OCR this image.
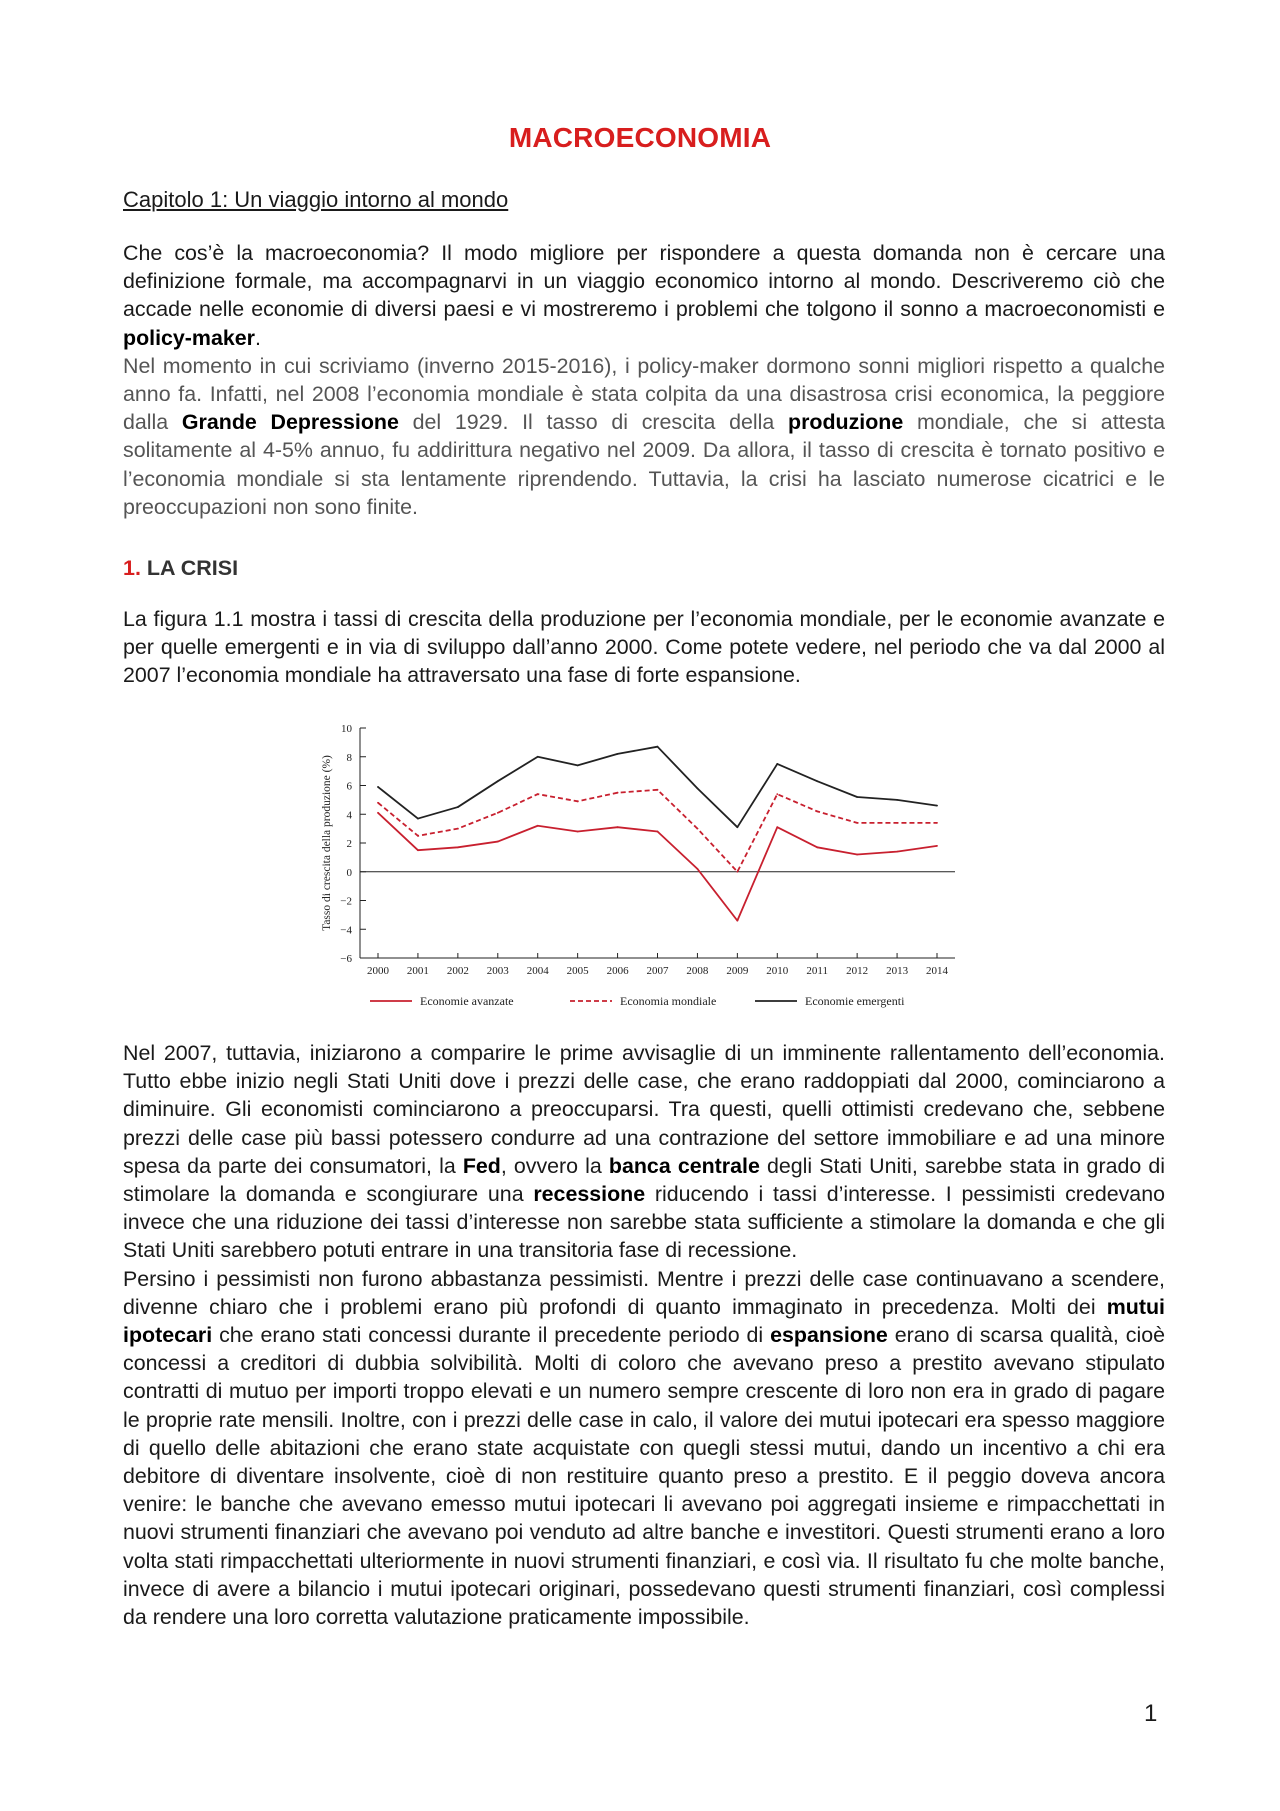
MACROECONOMIA
Capitolo 1: Un viaggio intorno al mondo

Che cos’è la macroeconomia? Il modo migliore per rispondere a questa domanda non è cercare una definizione formale, ma accompagnarvi in un viaggio economico intorno al mondo. Descriveremo ciò che accade nelle economie di diversi paesi e vi mostreremo i problemi che tolgono il sonno a macroeconomisti e policy-maker.

Nel momento in cui scriviamo (inverno 2015-2016), i policy-maker dormono sonni migliori rispetto a qualche anno fa. Infatti, nel 2008 l’economia mondiale è stata colpita da una disastrosa crisi economica, la peggiore dalla Grande Depressione del 1929. Il tasso di crescita della produzione mondiale, che si attesta solitamente al 4-5% annuo, fu addirittura negativo nel 2009. Da allora, il tasso di crescita è tornato positivo e l’economia mondiale si sta lentamente riprendendo. Tuttavia, la crisi ha lasciato numerose cicatrici e le preoccupazioni non sono finite.

1. LA CRISI

La figura 1.1 mostra i tassi di crescita della produzione per l’economia mondiale, per le economie avanzate e per quelle emergenti e in via di sviluppo dall’anno 2000. Come potete vedere, nel periodo che va dal 2000 al 2007 l’economia mondiale ha attraversato una fase di forte espansione.

10
8
6
4
2
0
−2
−4
−6
2000 2001 2002 2003 2004 2005 2006 2007 2008 2009 2010 2011 2012 2013 2014
Tasso di crescita della produzione (%)
Economie avanzate	Economia mondiale	Economie emergenti

Nel 2007, tuttavia, iniziarono a comparire le prime avvisaglie di un imminente rallentamento dell’economia. Tutto ebbe inizio negli Stati Uniti dove i prezzi delle case, che erano raddoppiati dal 2000, cominciarono a diminuire. Gli economisti cominciarono a preoccuparsi. Tra questi, quelli ottimisti credevano che, sebbene prezzi delle case più bassi potessero condurre ad una contrazione del settore immobiliare e ad una minore spesa da parte dei consumatori, la Fed, ovvero la banca centrale degli Stati Uniti, sarebbe stata in grado di stimolare la domanda e scongiurare una recessione riducendo i tassi d’interesse. I pessimisti credevano invece che una riduzione dei tassi d’interesse non sarebbe stata sufficiente a stimolare la domanda e che gli Stati Uniti sarebbero potuti entrare in una transitoria fase di recessione.

Persino i pessimisti non furono abbastanza pessimisti. Mentre i prezzi delle case continuavano a scendere, divenne chiaro che i problemi erano più profondi di quanto immaginato in precedenza. Molti dei mutui ipotecari che erano stati concessi durante il precedente periodo di espansione erano di scarsa qualità, cioè concessi a creditori di dubbia solvibilità. Molti di coloro che avevano preso a prestito avevano stipulato contratti di mutuo per importi troppo elevati e un numero sempre crescente di loro non era in grado di pagare le proprie rate mensili. Inoltre, con i prezzi delle case in calo, il valore dei mutui ipotecari era spesso maggiore di quello delle abitazioni che erano state acquistate con quegli stessi mutui, dando un incentivo a chi era debitore di diventare insolvente, cioè di non restituire quanto preso a prestito. E il peggio doveva ancora venire: le banche che avevano emesso mutui ipotecari li avevano poi aggregati insieme e rimpacchettati in nuovi strumenti finanziari che avevano poi venduto ad altre banche e investitori. Questi strumenti erano a loro volta stati rimpacchettati ulteriormente in nuovi strumenti finanziari, e così via. Il risultato fu che molte banche, invece di avere a bilancio i mutui ipotecari originari, possedevano questi strumenti finanziari, così complessi da rendere una loro corretta valutazione praticamente impossibile.

1
